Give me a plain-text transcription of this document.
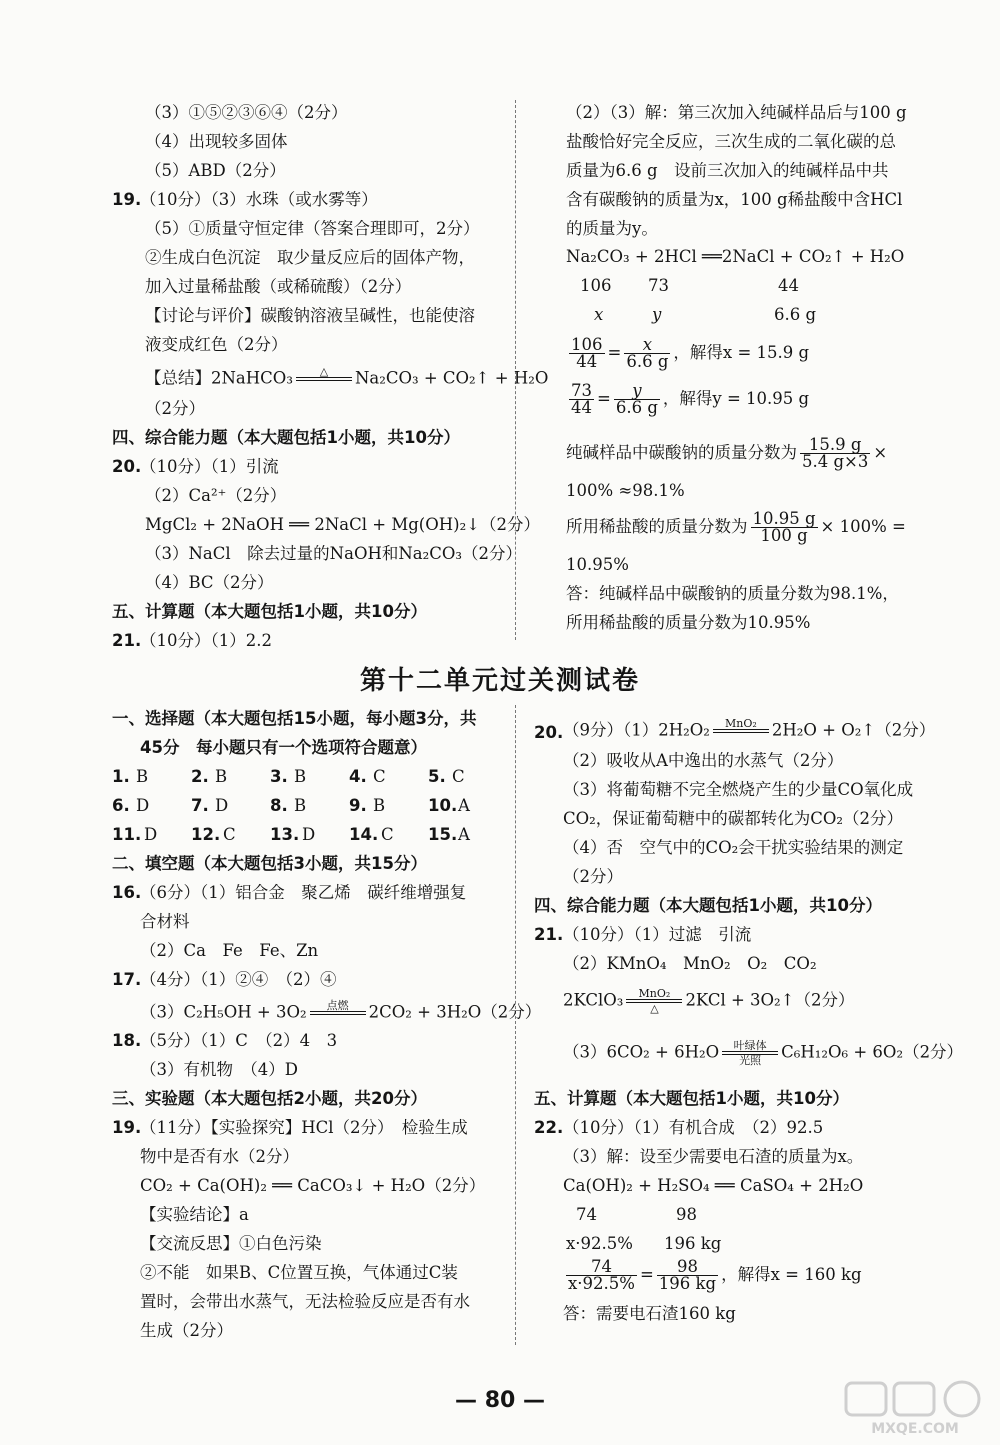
（3）①⑤②③⑥④（2分）
（4）出现较多固体
（5）ABD（2分）
19.
（10分）（3）水珠（或水雾等）
（5）①质量守恒定律（答案合理即可，2分）
②生成白色沉淀　取少量反应后的固体产物，
加入过量稀盐酸（或稀硫酸）（2分）
【讨论与评价】碳酸钠溶液呈碱性，也能使溶
液变成红色（2分）
【总结】2NaHCO₃	△
	Na₂CO₃ + CO₂↑ + H₂O
（2分）
四、综合能力题（本大题包括1小题，共10分）
20.
（10分）（1）引流
（2）Ca²⁺（2分）
MgCl₂ + 2NaOH ══ 2NaCl + Mg(OH)₂↓（2分）
（3）NaCl　除去过量的NaOH和Na₂CO₃（2分）
（4）BC（2分）
五、计算题（本大题包括1小题，共10分）
21.
（10分）（1）2.2
（2）（3）解：第三次加入纯碱样品后与100 g
盐酸恰好完全反应，三次生成的二氧化碳的总
质量为6.6 g　设前三次加入的纯碱样品中共
含有碳酸钠的质量为x，100 g稀盐酸中含HCl
的质量为y。
Na₂CO₃ + 2HCl ══2NaCl + CO₂↑ + H₂O
106 73	44
x	y	6.6 g
$\frac{106}{44} = \frac{x}{6.6 g}$ ，解得x = 15.9 g
$\frac{73}{44} = \frac{y}{6.6 g}$ ，解得y = 10.95 g
纯碱样品中碳酸钠的质量分数为 $\frac{15.9 g}{5.4 g\times 3}$ ×
100% ≈98.1%
所用稀盐酸的质量分数为 $\frac{10.95 g}{100 g} \times 100\%$ =
10.95%
答：纯碱样品中碳酸钠的质量分数为98.1%，
所用稀盐酸的质量分数为10.95%
第十二单元过关测试卷
一、选择题（本大题包括15小题，每小题3分，共
45分　每小题只有一个选项符合题意）
1. B	2. B	3. B	4. C	5. C
6. D	7. D	8. B	9. B	10.A
11. D 12. C 13. D 14. C 15.A
二、填空题（本大题包括3小题，共15分）
16.
（6分）（1）铝合金　聚乙烯　碳纤维增强复
合材料
（2）Ca　Fe　Fe、Zn
17.
（4分）（1）②④　（2）④
（3）C₂H₅OH + 3O₂	点燃
	2CO₂ + 3H₂O（2分）
18.
（5分）（1）C　（2）4　3
（3）有机物　（4）D
三、实验题（本大题包括2小题，共20分）
19.
（11分）【实验探究】HCl（2分）　检验生成
物中是否有水（2分）
CO₂ + Ca(OH)₂ ══ CaCO₃↓ + H₂O（2分）
【实验结论】a
【交流反思】①白色污染
②不能　如果B、C位置互换，气体通过C装
置时，会带出水蒸气，无法检验反应是否有水
生成（2分）
20. （9分）（1）2H₂O₂	MnO₂
2H₂O + O₂↑（2分）
（2）吸收从A中逸出的水蒸气（2分）
（3）将葡萄糖不完全燃烧产生的少量CO氧化成
CO₂，保证葡萄糖中的碳都转化为CO₂（2分）
（4）否　空气中的CO₂会干扰实验结果的测定
（2分）
四、综合能力题（本大题包括1小题，共10分）
21. （10分）（1）过滤　引流
（2）KMnO₄　MnO₂　O₂　CO₂
2KClO₃	MnO₂
△	2KCl + 3O₂↑（2分）
（3）6CO₂ + 6H₂O	叶绿体
光照	C₆H₁₂O₆ + 6O₂（2分）
五、计算题（本大题包括1小题，共10分）
22. （10分）（1）有机合成　（2）92.5
（3）解：设至少需要电石渣的质量为x。
Ca(OH)₂ + H₂SO₄ ══ CaSO₄ + 2H₂O
74	98
x·92.5% 196 kg
$\frac{74}{x\cdot 92.5\%} = \frac{98}{196 kg}$ ，解得x = 160 kg
答：需要电石渣160 kg
— 80 —
MXQE.COM
